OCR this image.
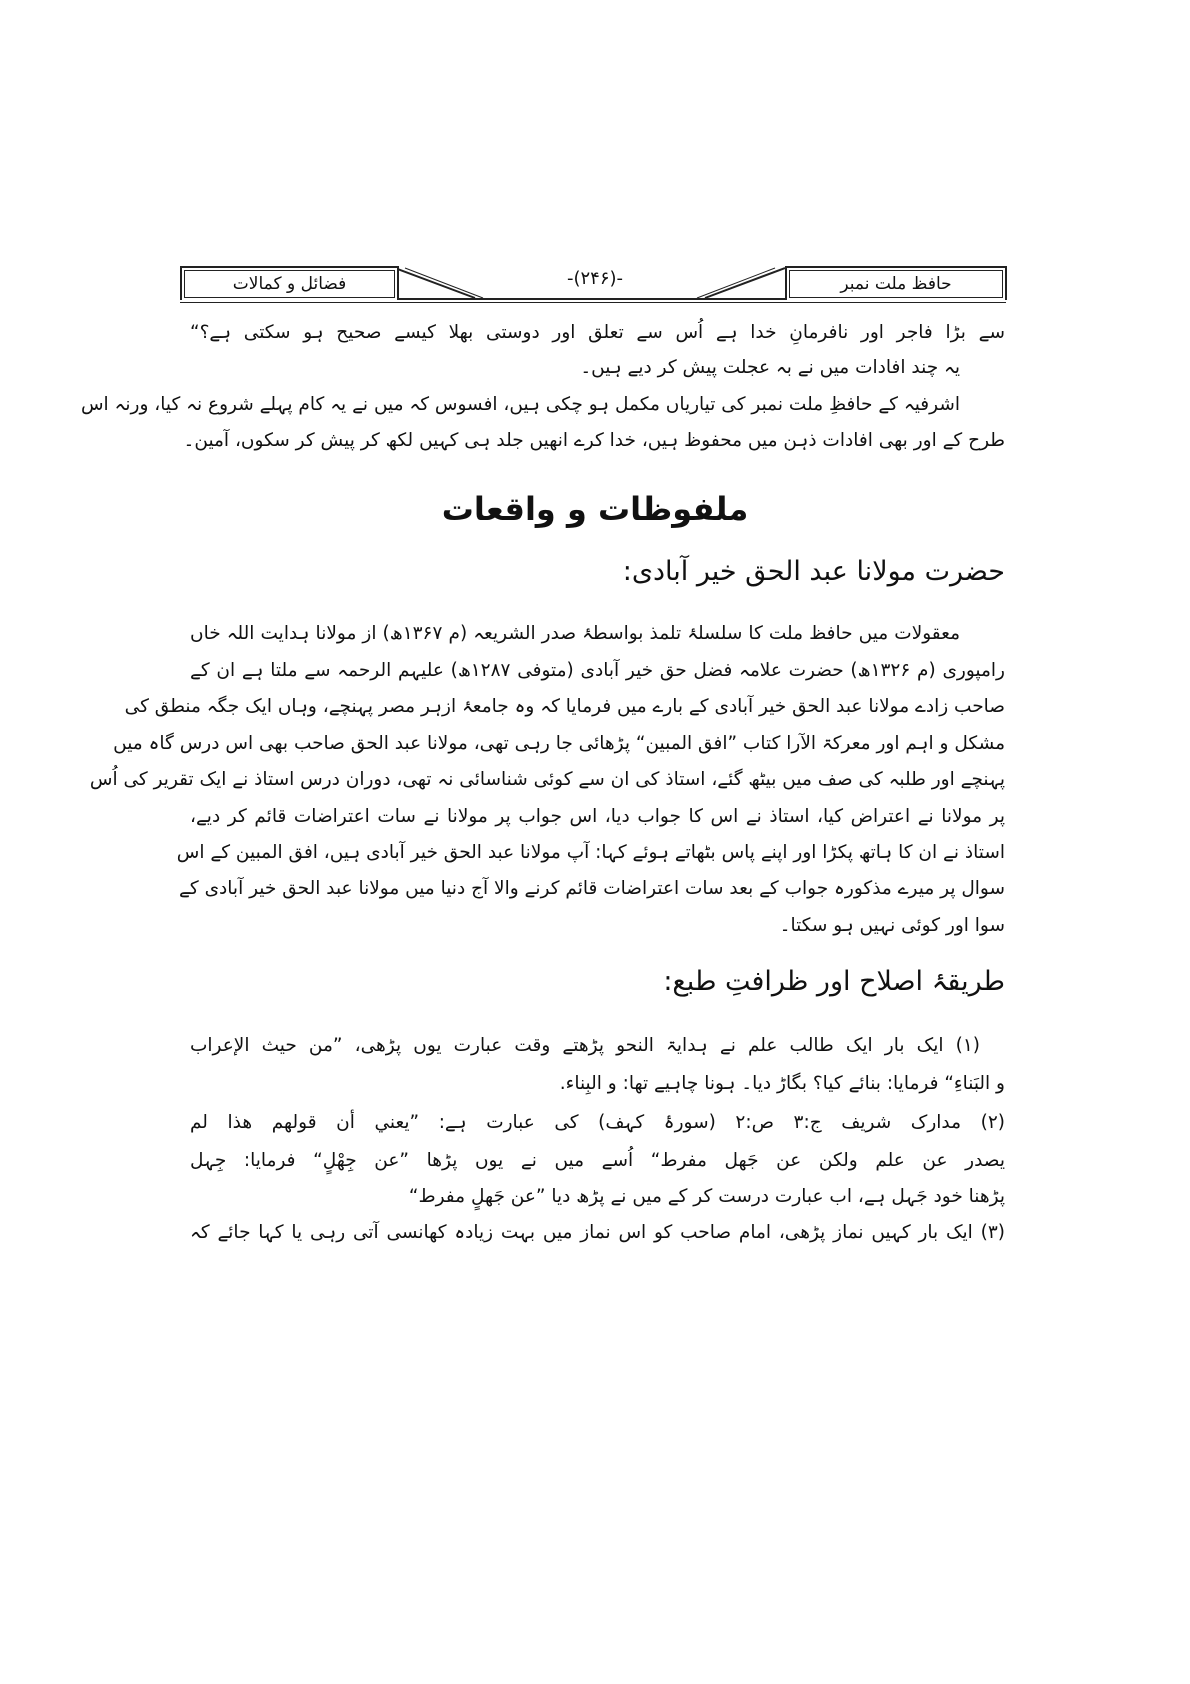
حافظ ملت نمبر
-(۲۴۶)-
فضائل و کمالات
سے بڑا فاجر اور نافرمانِ خدا ہے اُس سے تعلق اور دوستی بھلا کیسے صحیح ہو سکتی ہے؟“
یہ چند افادات میں نے بہ عجلت پیش کر دیے ہیں۔
اشرفیہ کے حافظِ ملت نمبر کی تیاریاں مکمل ہو چکی ہیں، افسوس کہ میں نے یہ کام پہلے شروع نہ کیا، ورنہ اس
طرح کے اور بھی افادات ذہن میں محفوظ ہیں، خدا کرے انھیں جلد ہی کہیں لکھ کر پیش کر سکوں، آمین۔
ملفوظات و واقعات
حضرت مولانا عبد الحق خیر آبادی:
معقولات میں حافظ ملت کا سلسلۂ تلمذ بواسطۂ صدر الشریعہ (م ۱۳۶۷ھ) از مولانا ہدایت اللہ خاں
رامپوری (م ۱۳۲۶ھ) حضرت علامہ فضل حق خیر آبادی (متوفی ۱۲۸۷ھ) علیہم الرحمہ سے ملتا ہے ان کے
صاحب زادے مولانا عبد الحق خیر آبادی کے بارے میں فرمایا کہ وہ جامعۂ ازہر مصر پہنچے، وہاں ایک جگہ منطق کی
مشکل و اہم اور معرکۃ الآرا کتاب ”افق المبین“ پڑھائی جا رہی تھی، مولانا عبد الحق صاحب بھی اس درس گاہ میں
پہنچے اور طلبہ کی صف میں بیٹھ گئے، استاذ کی ان سے کوئی شناسائی نہ تھی، دوران درس استاذ نے ایک تقریر کی اُس
پر مولانا نے اعتراض کیا، استاذ نے اس کا جواب دیا، اس جواب پر مولانا نے سات اعتراضات قائم کر دیے،
استاذ نے ان کا ہاتھ پکڑا اور اپنے پاس بٹھاتے ہوئے کہا: آپ مولانا عبد الحق خیر آبادی ہیں، افق المبین کے اس
سوال پر میرے مذکورہ جواب کے بعد سات اعتراضات قائم کرنے والا آج دنیا میں مولانا عبد الحق خیر آبادی کے
سوا اور کوئی نہیں ہو سکتا۔
طریقۂ اصلاح اور ظرافتِ طبع:
(۱) ایک بار ایک طالب علم نے ہدایۃ النحو پڑھتے وقت عبارت یوں پڑھی، ”من حیث الإعراب
و البَناءِ“ فرمایا: بنائے کیا؟ بگاڑ دیا۔ ہونا چاہیے تھا: و البِناء.
(۲) مدارک شریف ج:۳ ص:۲ (سورۂ کہف) کی عبارت ہے: ”یعني أن قولهم هذا لم
یصدر عن علم ولکن عن جَهل مفرط“ اُسے میں نے یوں پڑھا ”عن جِهْلٍ“ فرمایا: جِہل
پڑھنا خود جَہل ہے، اب عبارت درست کر کے میں نے پڑھ دیا ”عن جَهلٍ مفرط“
(۳) ایک بار کہیں نماز پڑھی، امام صاحب کو اس نماز میں بہت زیادہ کھانسی آتی رہی یا کہا جائے کہ
